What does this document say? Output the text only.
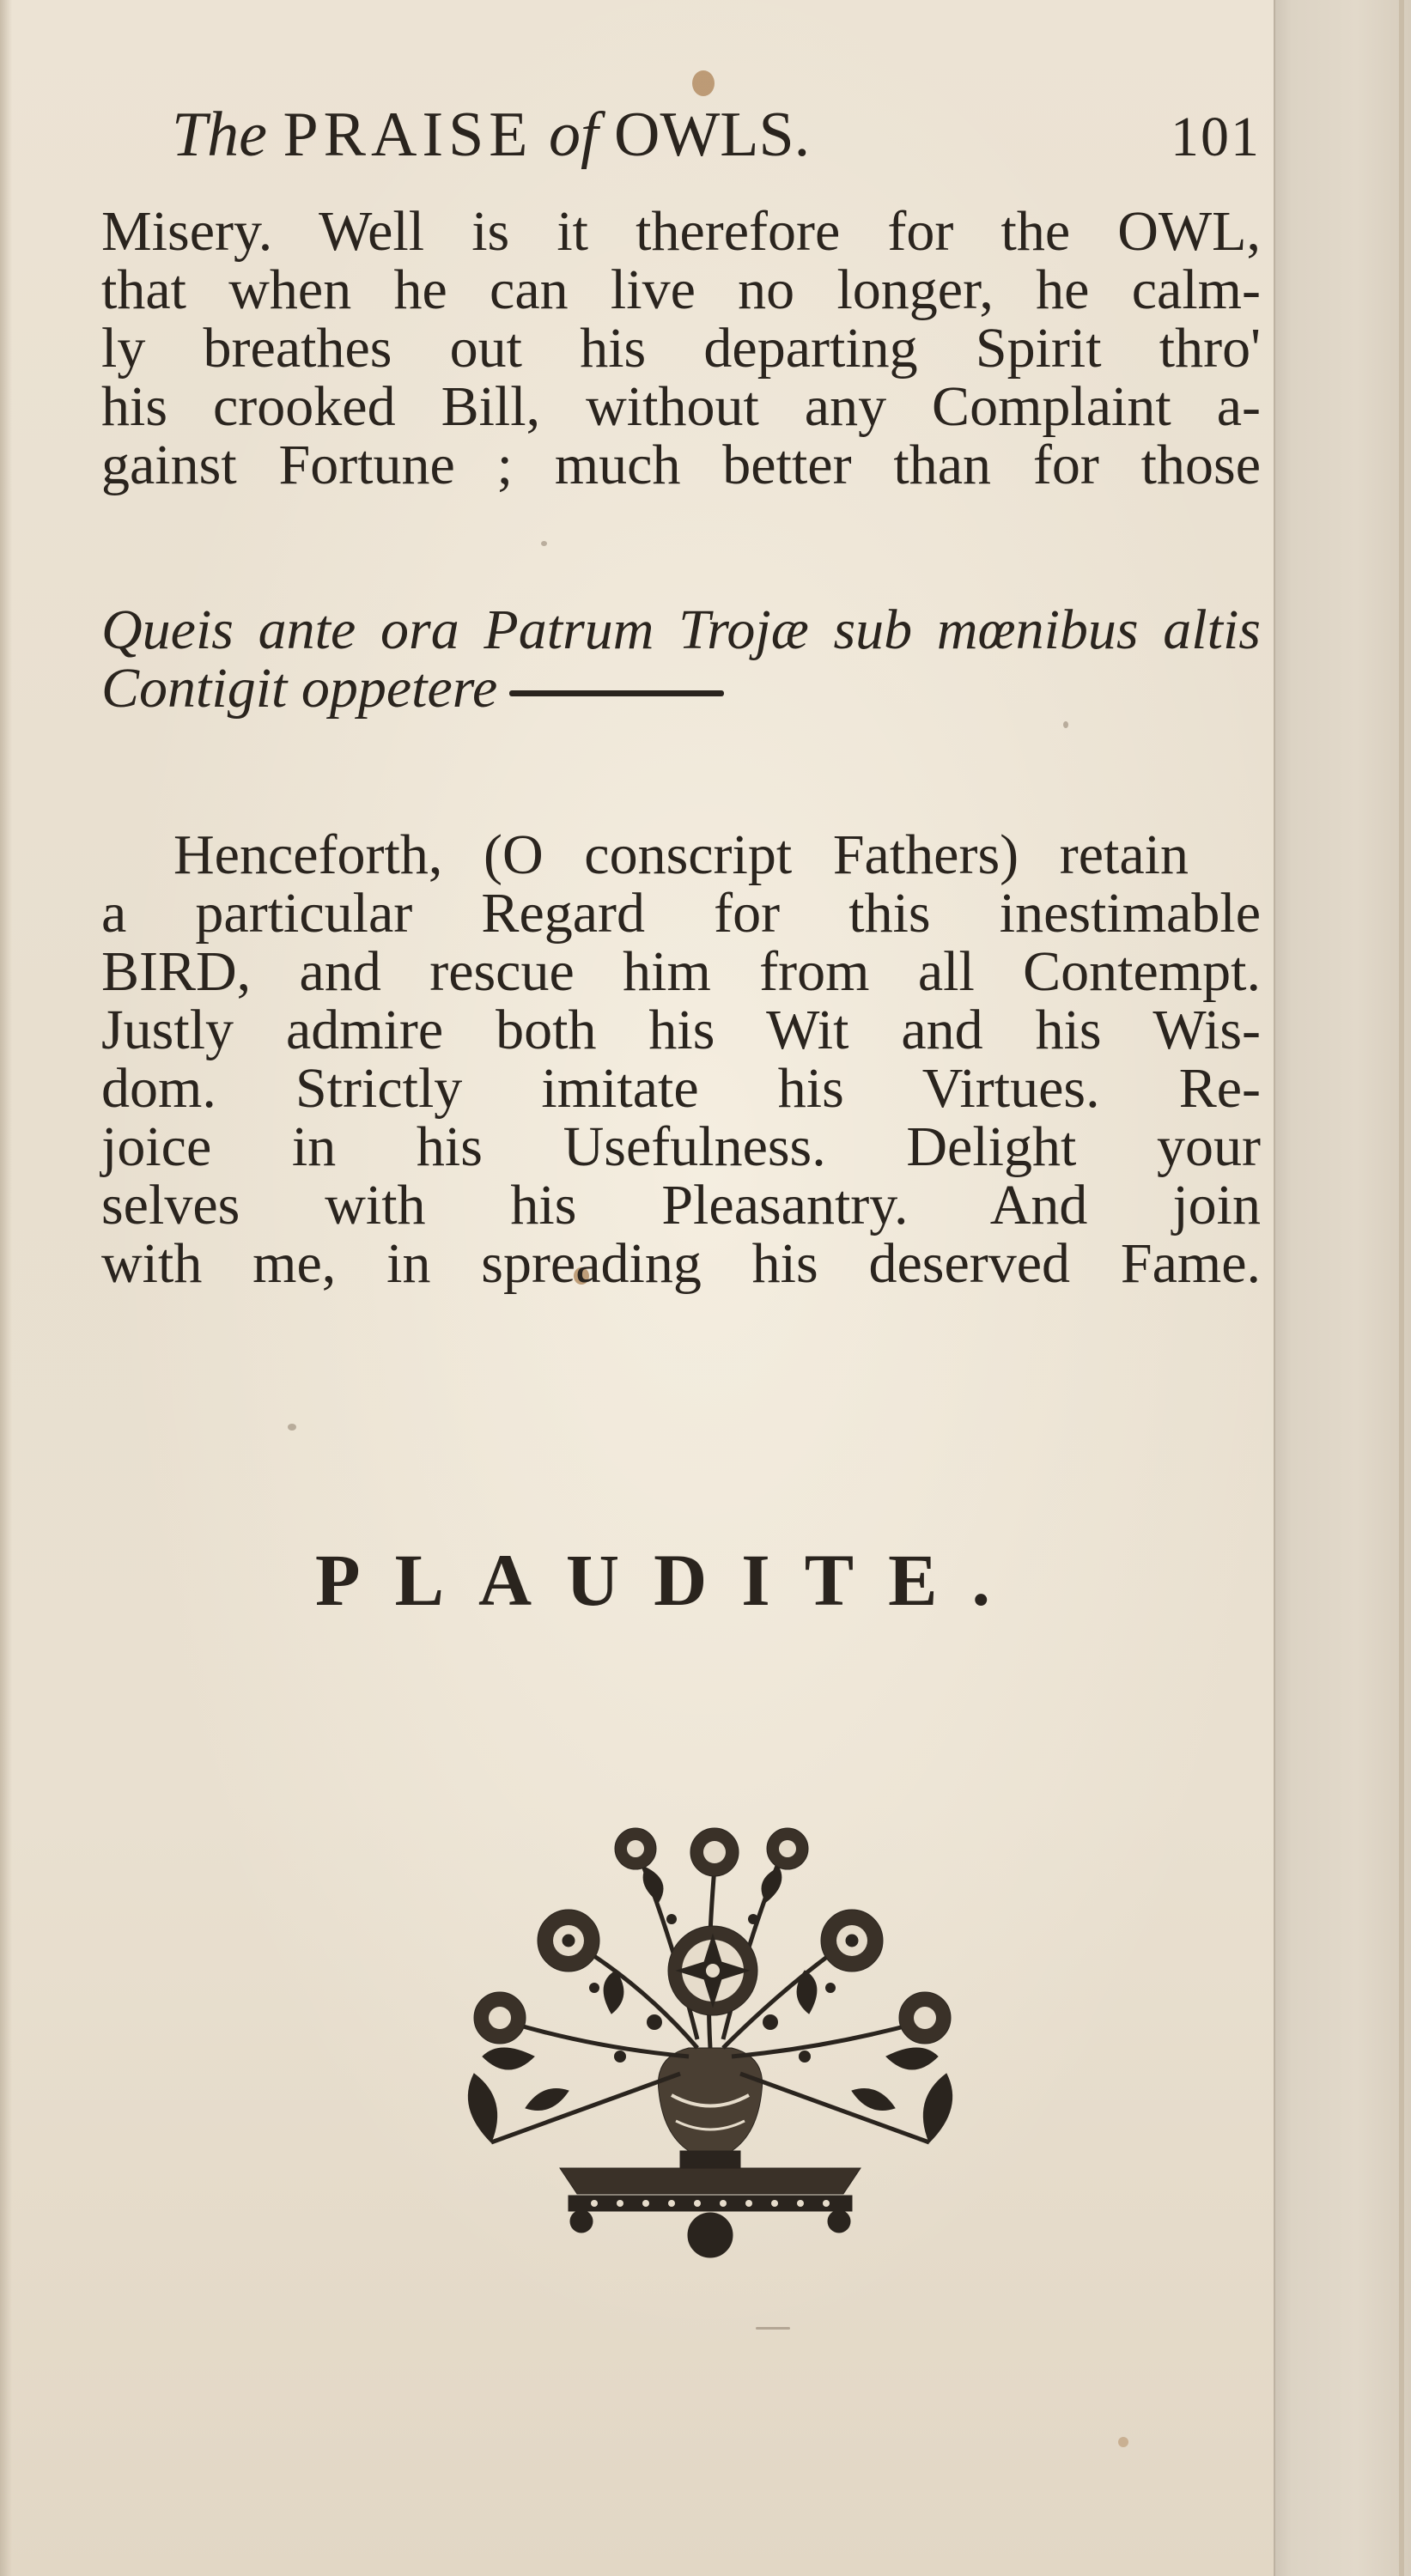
The PRAISE of OWLS.	101
Misery. Well is it therefore for the OWL,
that when he can live no longer, he calm-
ly breathes out his departing Spirit thro'
his crooked Bill, without any Complaint a-
gainst Fortune ; much better than for those
Queis ante ora Patrum Trojæ sub mœnibus altis
Contigit oppetere
Henceforth, (O conscript Fathers) retain
a particular Regard for this inestimable
BIRD, and rescue him from all Contempt.
Justly admire both his Wit and his Wis-
dom. Strictly imitate his Virtues. Re-
joice in his Usefulness. Delight your
selves with his Pleasantry. And join
with me, in spreading his deserved Fame.
PLAUDITE.
